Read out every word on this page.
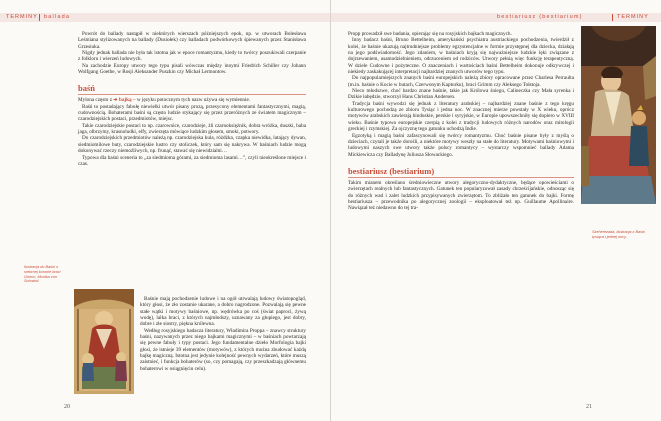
TERMINY ballada

Powrót do ballady nastąpił w niektórych wierszach późniejszych epok, np. w utworach Bolesława Leśmiana stylizowanych na ballady (Dusiołek) czy balladach podwórkowych śpiewanych przez Stanisława Grzesiuka.

Nigdy jednak ballada nie była tak istotna jak w epoce romantyzmu, kiedy to twórcy poszukiwali czerpanie z folkloru i wierzeń ludowych.

Na zachodzie Europy utwory tego typu pisali wówczas między innymi Friedrich Schiller czy Johann Wolfgang Goethe, w Rosji Aleksander Puszkin czy Michał Lermontow.

baśń

Mylona często z ➔ bajką – w języku potocznym tych nazw używa się wymiennie.

Baśń to postadający fabułę niewielki utwór pisany prozą, przesycony elementami fantastycznymi, magią, cudownością. Bohaterami baśni są często ludzie stykający się przez przeróżnych ze światem magicznym – czarodziejskich postaci, przedmiotów, miejsc.

Takie czarodziejskie postaci to np. czarownice, czarodzieje, źli czarnoksiężnik, dobra wróżka, duszki, baba jaga, olbrzymy, krasnoludki, elfy, zwierzęta mówiące ludzkim głosem, smoki, potwory.

Do czarodziejskich przedmiotów należą np. czarodziejska kula, różdżka, czapka niewidka, latający dywan, siedmiomilowe buty, czarodziejskie lustro czy stoliczek, który sam się nakrywa. W baśniach ludzie mogą dokonywać rzeczy niemożliwych, np. frunąć, stawać się niewidzialni…

Typowa dla baśni sceneria to „za siedmioma górami, za siedmioma lasami…”, czyli nieokreślone miejsce i czas.

Ilustracja do Baśni o srebrnej koronie braci Grimm, Monika von Schwind.

Baśnie mają pochodzenie ludowe i na ogół utrwalają ludowy światopogląd, który głosi, że zło zostanie ukarane, a dobro nagrodzone. Pozwalają się pewne stałe wątki i motywy baśniowe, np. wędrówka po coś (świat paproci, żywą wodę), lalka braci, z których najmłodszy, uznawany za głupiego, jest dobry, dobre i złe siostry, piękna królewna.

Według rosyjskiego badacza literatury, Władimira Proppa – znawcy struktury baśni, nazywanych przez niego bajkami magicznymi – w baśniach powtarzają się pewne fabuły i typy postaci. Jego fundamentalne dzieło Morfologia bajki głosi, że istnieje 39 elementów (motywów), z których można zbudować każdą bajkę magiczną. Istotna jest jedynie kolejność pewnych wydarzeń, które muszą zaistnieć, i funkcja bohaterów (so, czy pomagają, czy przeszkadzają głównemu bohaterowi w osiągnięciu celu).

20
bestiariusz (bestiarium)	TERMINY

Propp prowadził swe badania, opierając się na rosyjskich bajkach magicznych.

Inny badacz baśni, Bruno Bettelheim, amerykański psychiatra austriackiego pochodzenia, twierdził z kolei, że baśnie ukazują najtrudniejsze problemy egzystencjalne w formie przystępnej dla dziecka, działają na jego podświadomość. Jego zdaniem, w baśniach kryją się najważniejsze ludzkie lęki związane z dojrzewaniem, usamodzielnieniem, odrzuceniem od rodziców. Utwory pełnią więc funkcję terapeutyczną. W dziele Cudowne i pożyteczne. O znaczeniach i wartościach baśni Bettelheim dokonuje odkrywczej i niekiedy zaskakującej interpretacji najbardziej znanych utworów tego typu.

Do najpopularniejszych znanych baśni europejskich należą zbiory opracowane przez Charlesa Perraulta (m.in. baśnie o Kocie w butach, Czerwonym Kapturku), braci Grimm czy Aleksego Tołstoja.

Nieco młodszwe, choć bardzo znane baśnie, takie jak Królowa śniegu, Calineczka czy Mała syrenka i Dzikie łabędzie, stworzył Hans Christian Andersen.

Tradycja baśni wywodzi się jednak z literatury arabskiej – najbardziej znane baśnie z tego kręgu kulturowego pochodzą ze zbioru Tysiąc i jedna noc. W znacznej mierze powstały w X wieku, oprócz motywów arabskich zawierają hinduskie, perskie i syryjskie, w Europie upowszechniły się dopiero w XVIII wieku. Baśnie typowo europejskie czerpią z kolei z tradycji ludowych różnych narodów oraz mitologii greckiej i rzymskiej. Za ojczyznę tego gatunku uchodzą Indie.

Egzotyką i magią baśni zafascynowali się twórcy romantyzmu. Choć baśnie pisane były z myślą o dzieciach, czytali je także dorośli, a niektóre motywy weszły na stałe do literatury. Motywami baśniowymi i ludowymi naszych swe utwory także polscy romantycy – wystarczy wspomnieć ballady Adama Mickiewicza czy Balladynę Juliusza Słowackiego.

bestiariusz (bestiarium)

Takim mianem określano średniowieczne utwory alegoryczno-dydaktyczne, będące opowieściami o zwierzętach realnych lub fantastycznych. Gatunek ten popularyzował zasady chrześcijańskie, odnosząc się do różnych wad i zalet ludzkich przypisywanych zwierzętom. To zbliżało ten gatunek do bajki. Formę bestiariusza – przewodnika po alegorycznej zoologii – eksploatował też np. Guillaume Apollinaire. Nawiązał też niedawno do tej tra-

Szeherezada, ilustracja z Baśni tysiąca i jednej nocy.
21
